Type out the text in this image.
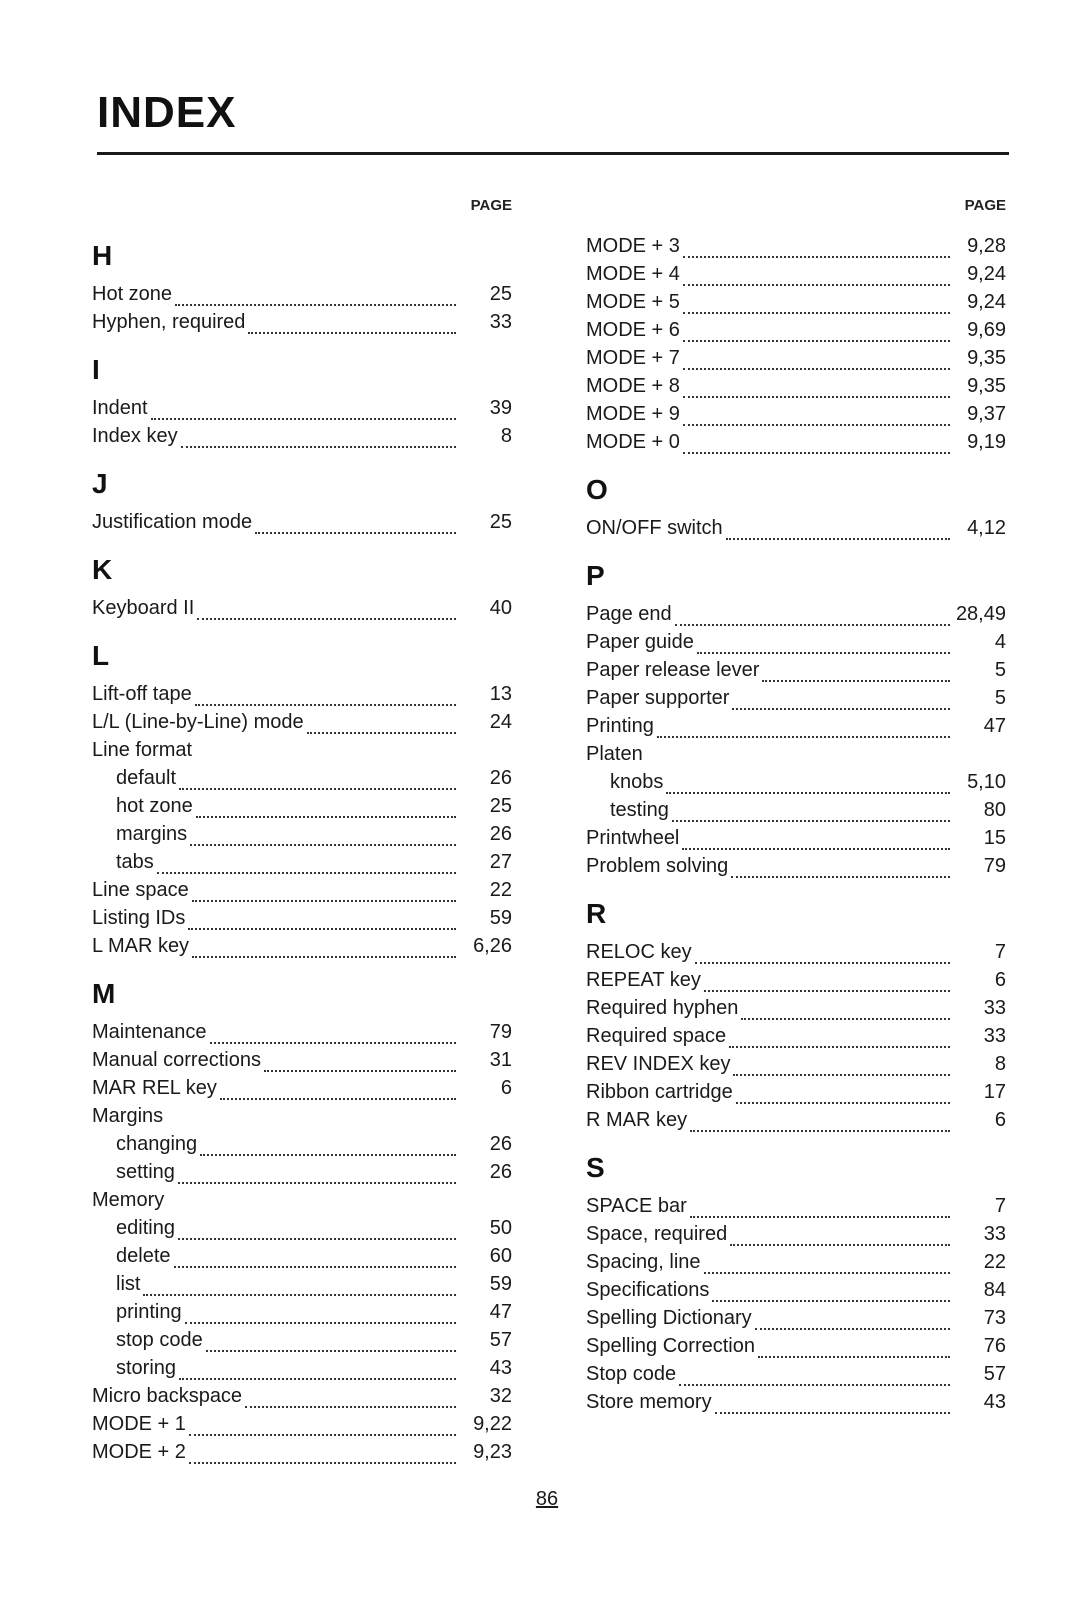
INDEX
PAGE
H
Hot zone	25
Hyphen, required	33
I
Indent	39
Index key	8
J
Justification mode	25
K
Keyboard II	40
L
Lift-off tape	13
L/L (Line-by-Line) mode	24
Line format
default	26
hot zone	25
margins	26
tabs	27
Line space	22
Listing IDs	59
L MAR key	6,26
M
Maintenance	79
Manual corrections	31
MAR REL key	6
Margins
changing	26
setting	26
Memory
editing	50
delete	60
list	59
printing	47
stop code	57
storing	43
Micro backspace	32
MODE + 1	9,22
MODE + 2	9,23
PAGE
MODE + 3	9,28
MODE + 4	9,24
MODE + 5	9,24
MODE + 6	9,69
MODE + 7	9,35
MODE + 8	9,35
MODE + 9	9,37
MODE + 0	9,19
O
ON/OFF switch	4,12
P
Page end	28,49
Paper guide	4
Paper release lever	5
Paper supporter	5
Printing	47
Platen
knobs	5,10
testing	80
Printwheel	15
Problem solving	79
R
RELOC key	7
REPEAT key	6
Required hyphen	33
Required space	33
REV INDEX key	8
Ribbon cartridge	17
R MAR key	6
S
SPACE bar	7
Space, required	33
Spacing, line	22
Specifications	84
Spelling Dictionary	73
Spelling Correction	76
Stop code	57
Store memory	43
86
